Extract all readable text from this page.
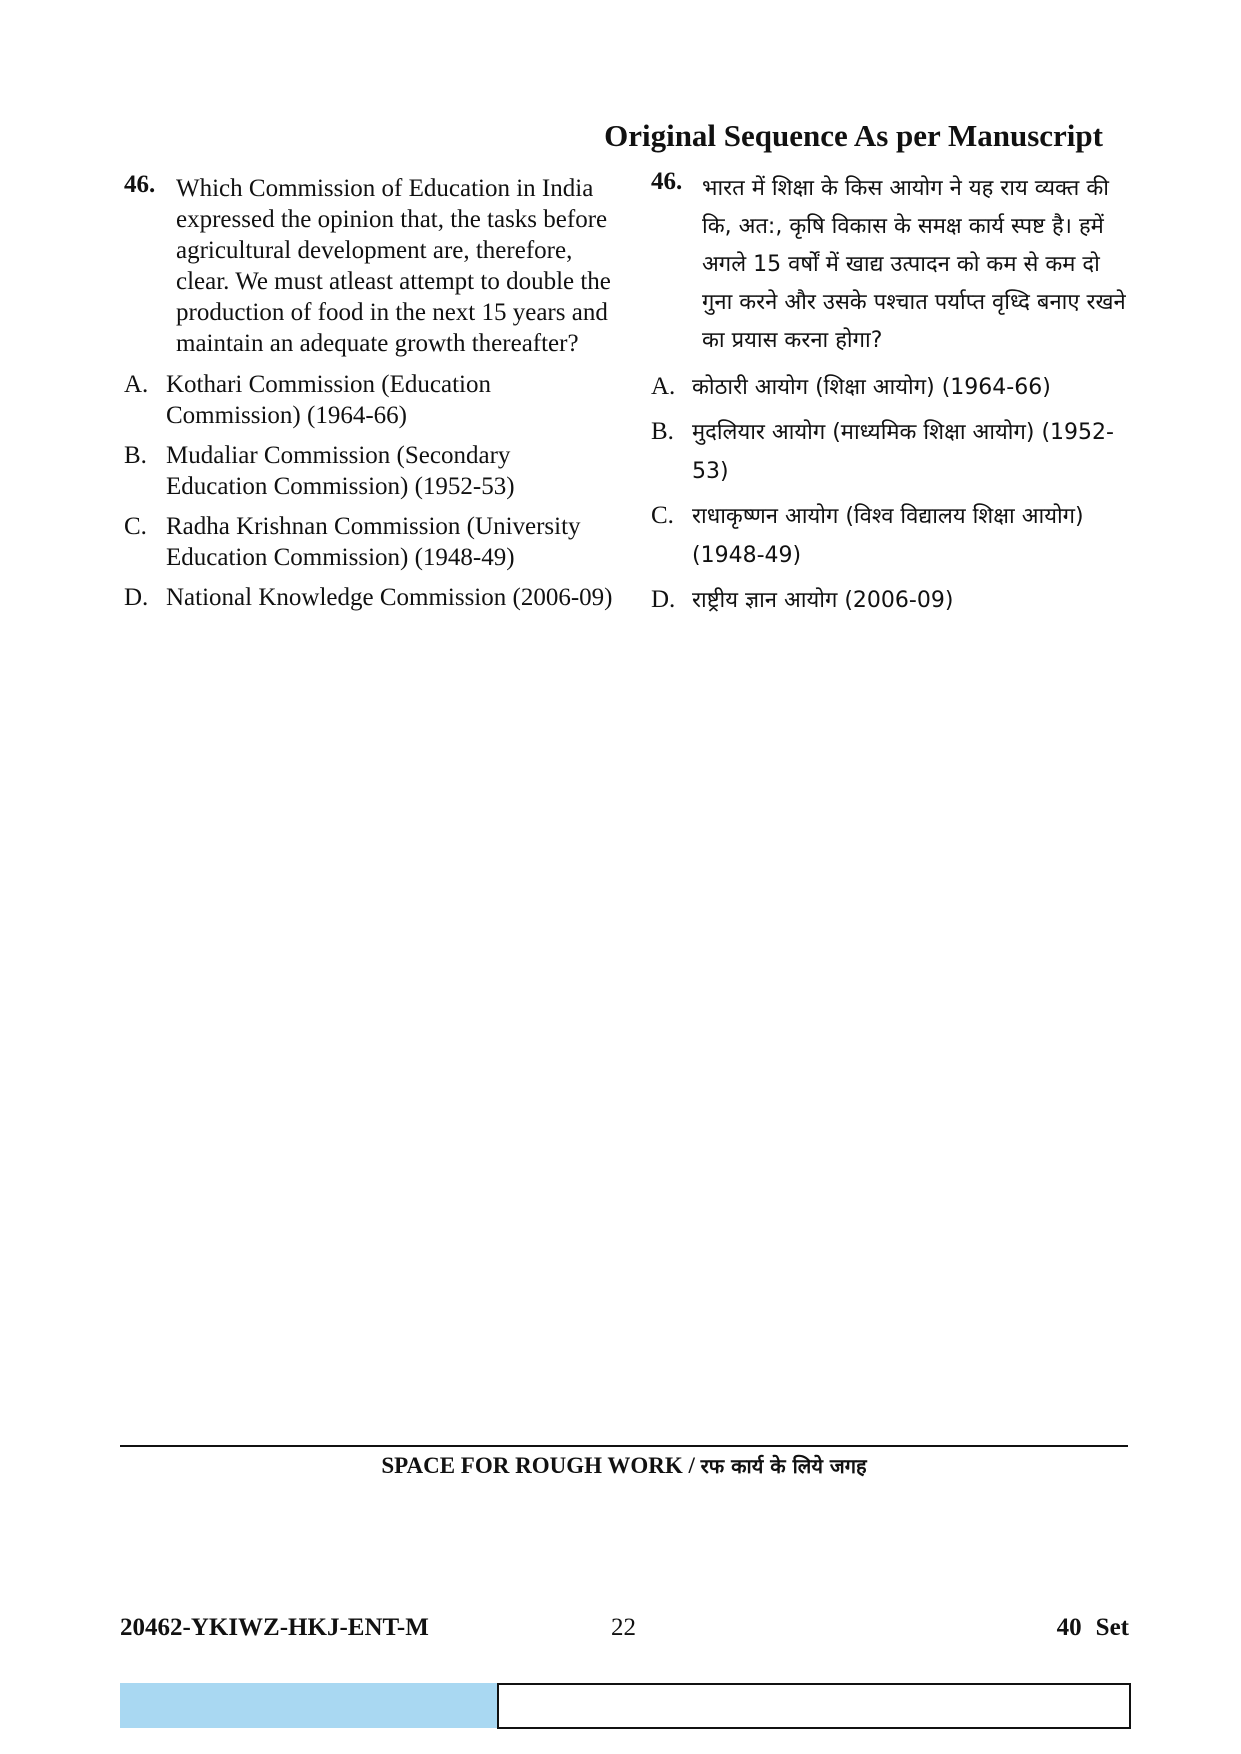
Original Sequence As per Manuscript
46. Which Commission of Education in India expressed the opinion that, the tasks before agricultural development are, therefore, clear. We must atleast attempt to double the production of food in the next 15 years and maintain an adequate growth thereafter?
A. Kothari Commission (Education Commission) (1964-66)
B. Mudaliar Commission (Secondary Education Commission) (1952-53)
C. Radha Krishnan Commission (University Education Commission) (1948-49)
D. National Knowledge Commission (2006-09)
46. भारत में शिक्षा के किस आयोग ने यह राय व्यक्त की कि, अत:, कृषि विकास के समक्ष कार्य स्पष्ट है। हमें अगले 15 वर्षों में खाद्य उत्पादन को कम से कम दो गुना करने और उसके पश्चात पर्याप्त वृध्दि बनाए रखने का प्रयास करना होगा?
A. कोठारी आयोग (शिक्षा आयोग) (1964-66)
B. मुदलियार आयोग (माध्यमिक शिक्षा आयोग) (1952-53)
C. राधाकृष्णन आयोग (विश्व विद्यालय शिक्षा आयोग) (1948-49)
D. राष्ट्रीय ज्ञान आयोग (2006-09)
SPACE FOR ROUGH WORK / रफ कार्य के लिये जगह
20462-YKIWZ-HKJ-ENT-M	22	40 Set
